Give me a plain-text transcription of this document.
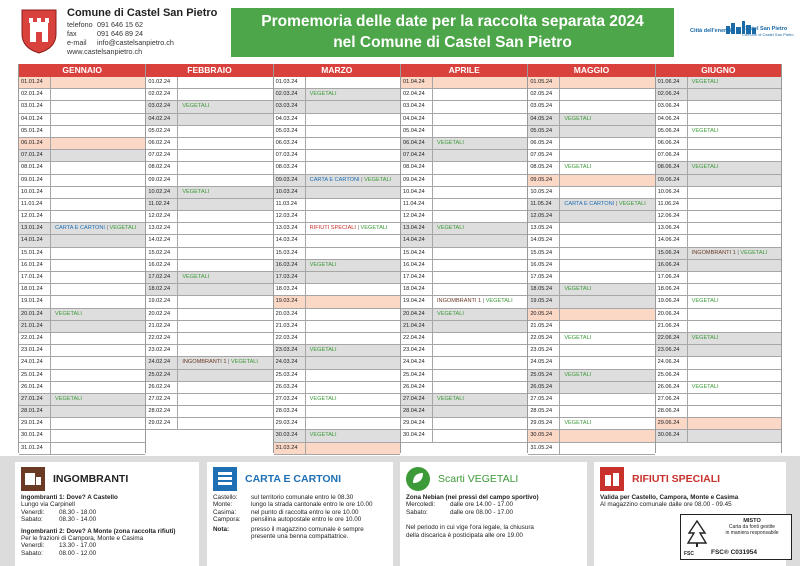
Comune di Castel San Pietro
telefono 091 646 15 62
fax	091 646 89 24
e-mail	info@castelsanpietro.ch
www.castelsanpietro.ch
Promemoria delle date per la raccolta separata 2024
nel Comune di Castel San Pietro
Città dell'energia Castel San Pietro
Comune di Castel San Pietro
GENNAIO
01.01.24
02.01.24
03.01.24
04.01.24
05.01.24
06.01.24
07.01.24
08.01.24
09.01.24
10.01.24
11.01.24
12.01.24
13.01.24	CARTA E CARTONI | VEGETALI
14.01.24
15.01.24
16.01.24
17.01.24
18.01.24
19.01.24
20.01.24	VEGETALI
21.01.24
22.01.24
23.01.24
24.01.24
25.01.24
26.01.24
27.01.24	VEGETALI
28.01.24
29.01.24
30.01.24
31.01.24
FEBBRAIO
01.02.24
02.02.24
03.02.24	VEGETALI
04.02.24
05.02.24
06.02.24
07.02.24
08.02.24
09.02.24
10.02.24	VEGETALI
11.02.24
12.02.24
13.02.24
14.02.24
15.02.24
16.02.24
17.02.24	VEGETALI
18.02.24
19.02.24
20.02.24
21.02.24
22.02.24
23.02.24
24.02.24	INGOMBRANTI 1 | VEGETALI
25.02.24
26.02.24
27.02.24
28.02.24
29.02.24
MARZO
01.03.24
02.03.24	VEGETALI
03.03.24
04.03.24
05.03.24
06.03.24
07.03.24
08.03.24
09.03.24	CARTA E CARTONI | VEGETALI
10.03.24
11.03.24
12.03.24
13.03.24	RIFIUTI SPECIALI | VEGETALI
14.03.24
15.03.24
16.03.24	VEGETALI
17.03.24
18.03.24
19.03.24
20.03.24
21.03.24
22.03.24
23.03.24	VEGETALI
24.03.24
25.03.24
26.03.24
27.03.24	VEGETALI
28.03.24
29.03.24
30.03.24	VEGETALI
31.03.24
APRILE
01.04.24
02.04.24
03.04.24
04.04.24
05.04.24
06.04.24	VEGETALI
07.04.24
08.04.24
09.04.24
10.04.24
11.04.24
12.04.24
13.04.24	VEGETALI
14.04.24
15.04.24
16.04.24
17.04.24
18.04.24
19.04.24	INGOMBRANTI 1 | VEGETALI
20.04.24	VEGETALI
21.04.24
22.04.24
23.04.24
24.04.24
25.04.24
26.04.24
27.04.24	VEGETALI
28.04.24
29.04.24
30.04.24
MAGGIO
01.05.24
02.05.24
03.05.24
04.05.24	VEGETALI
05.05.24
06.05.24
07.05.24
08.05.24	VEGETALI
09.05.24
10.05.24
11.05.24	CARTA E CARTONI | VEGETALI
12.05.24
13.05.24
14.05.24
15.05.24
16.05.24
17.05.24
18.05.24	VEGETALI
19.05.24
20.05.24
21.05.24
22.05.24	VEGETALI
23.05.24
24.05.24
25.05.24	VEGETALI
26.05.24
27.05.24
28.05.24
29.05.24	VEGETALI
30.05.24
31.05.24
GIUGNO
01.06.24	VEGETALI
02.06.24
03.06.24
04.06.24
05.06.24	VEGETALI
06.06.24
07.06.24
08.06.24	VEGETALI
09.06.24
10.06.24
11.06.24
12.06.24
13.06.24
14.06.24
15.06.24	INGOMBRANTI 1 | VEGETALI
16.06.24
17.06.24
18.06.24
19.06.24	VEGETALI
20.06.24
21.06.24
22.06.24	VEGETALI
23.06.24
24.06.24
25.06.24
26.06.24	VEGETALI
27.06.24
28.06.24
29.06.24
30.06.24
INGOMBRANTI
Ingombranti 1: Dove? A Castello
Lungo via Carpinell
Venerdì:	08.30 - 18.00
Sabato:	08.30 - 14.00
Ingombranti 2: Dove? A Monte (zona raccolta rifiuti)
Per le frazioni di Campora, Monte e Casima
Venerdì:	13.30 - 17.00
Sabato:	08.00 - 12.00
CARTA E CARTONI
Castello:	sul territorio comunale entro le 08.30
Monte:	lungo la strada cantonale entro le ore 10.00
Casima:	nel punto di raccolta entro le ore 10.00
Campora:	pensilina autopostale entro le ore 10.00
Nota:	presso il magazzino comunale è sempre
presente una benna compattatrice.
Scarti VEGETALI
Zona Nebian (nei pressi del campo sportivo)
Mercoledì:	dalle ore 14.00 - 17.00
Sabato:	dalle ore 08.00 - 17.00
Nel periodo in cui vige l'ora legale, la chiusura
della discarica è posticipata alle ore 19.00
RIFIUTI SPECIALI
Valida per Castello, Campora, Monte e Casima
Al magazzino comunale dalle ore 08.00 - 09.45
MISTO
Carta da fonti gestite
in maniera responsabile
FSC	FSC® C031954
